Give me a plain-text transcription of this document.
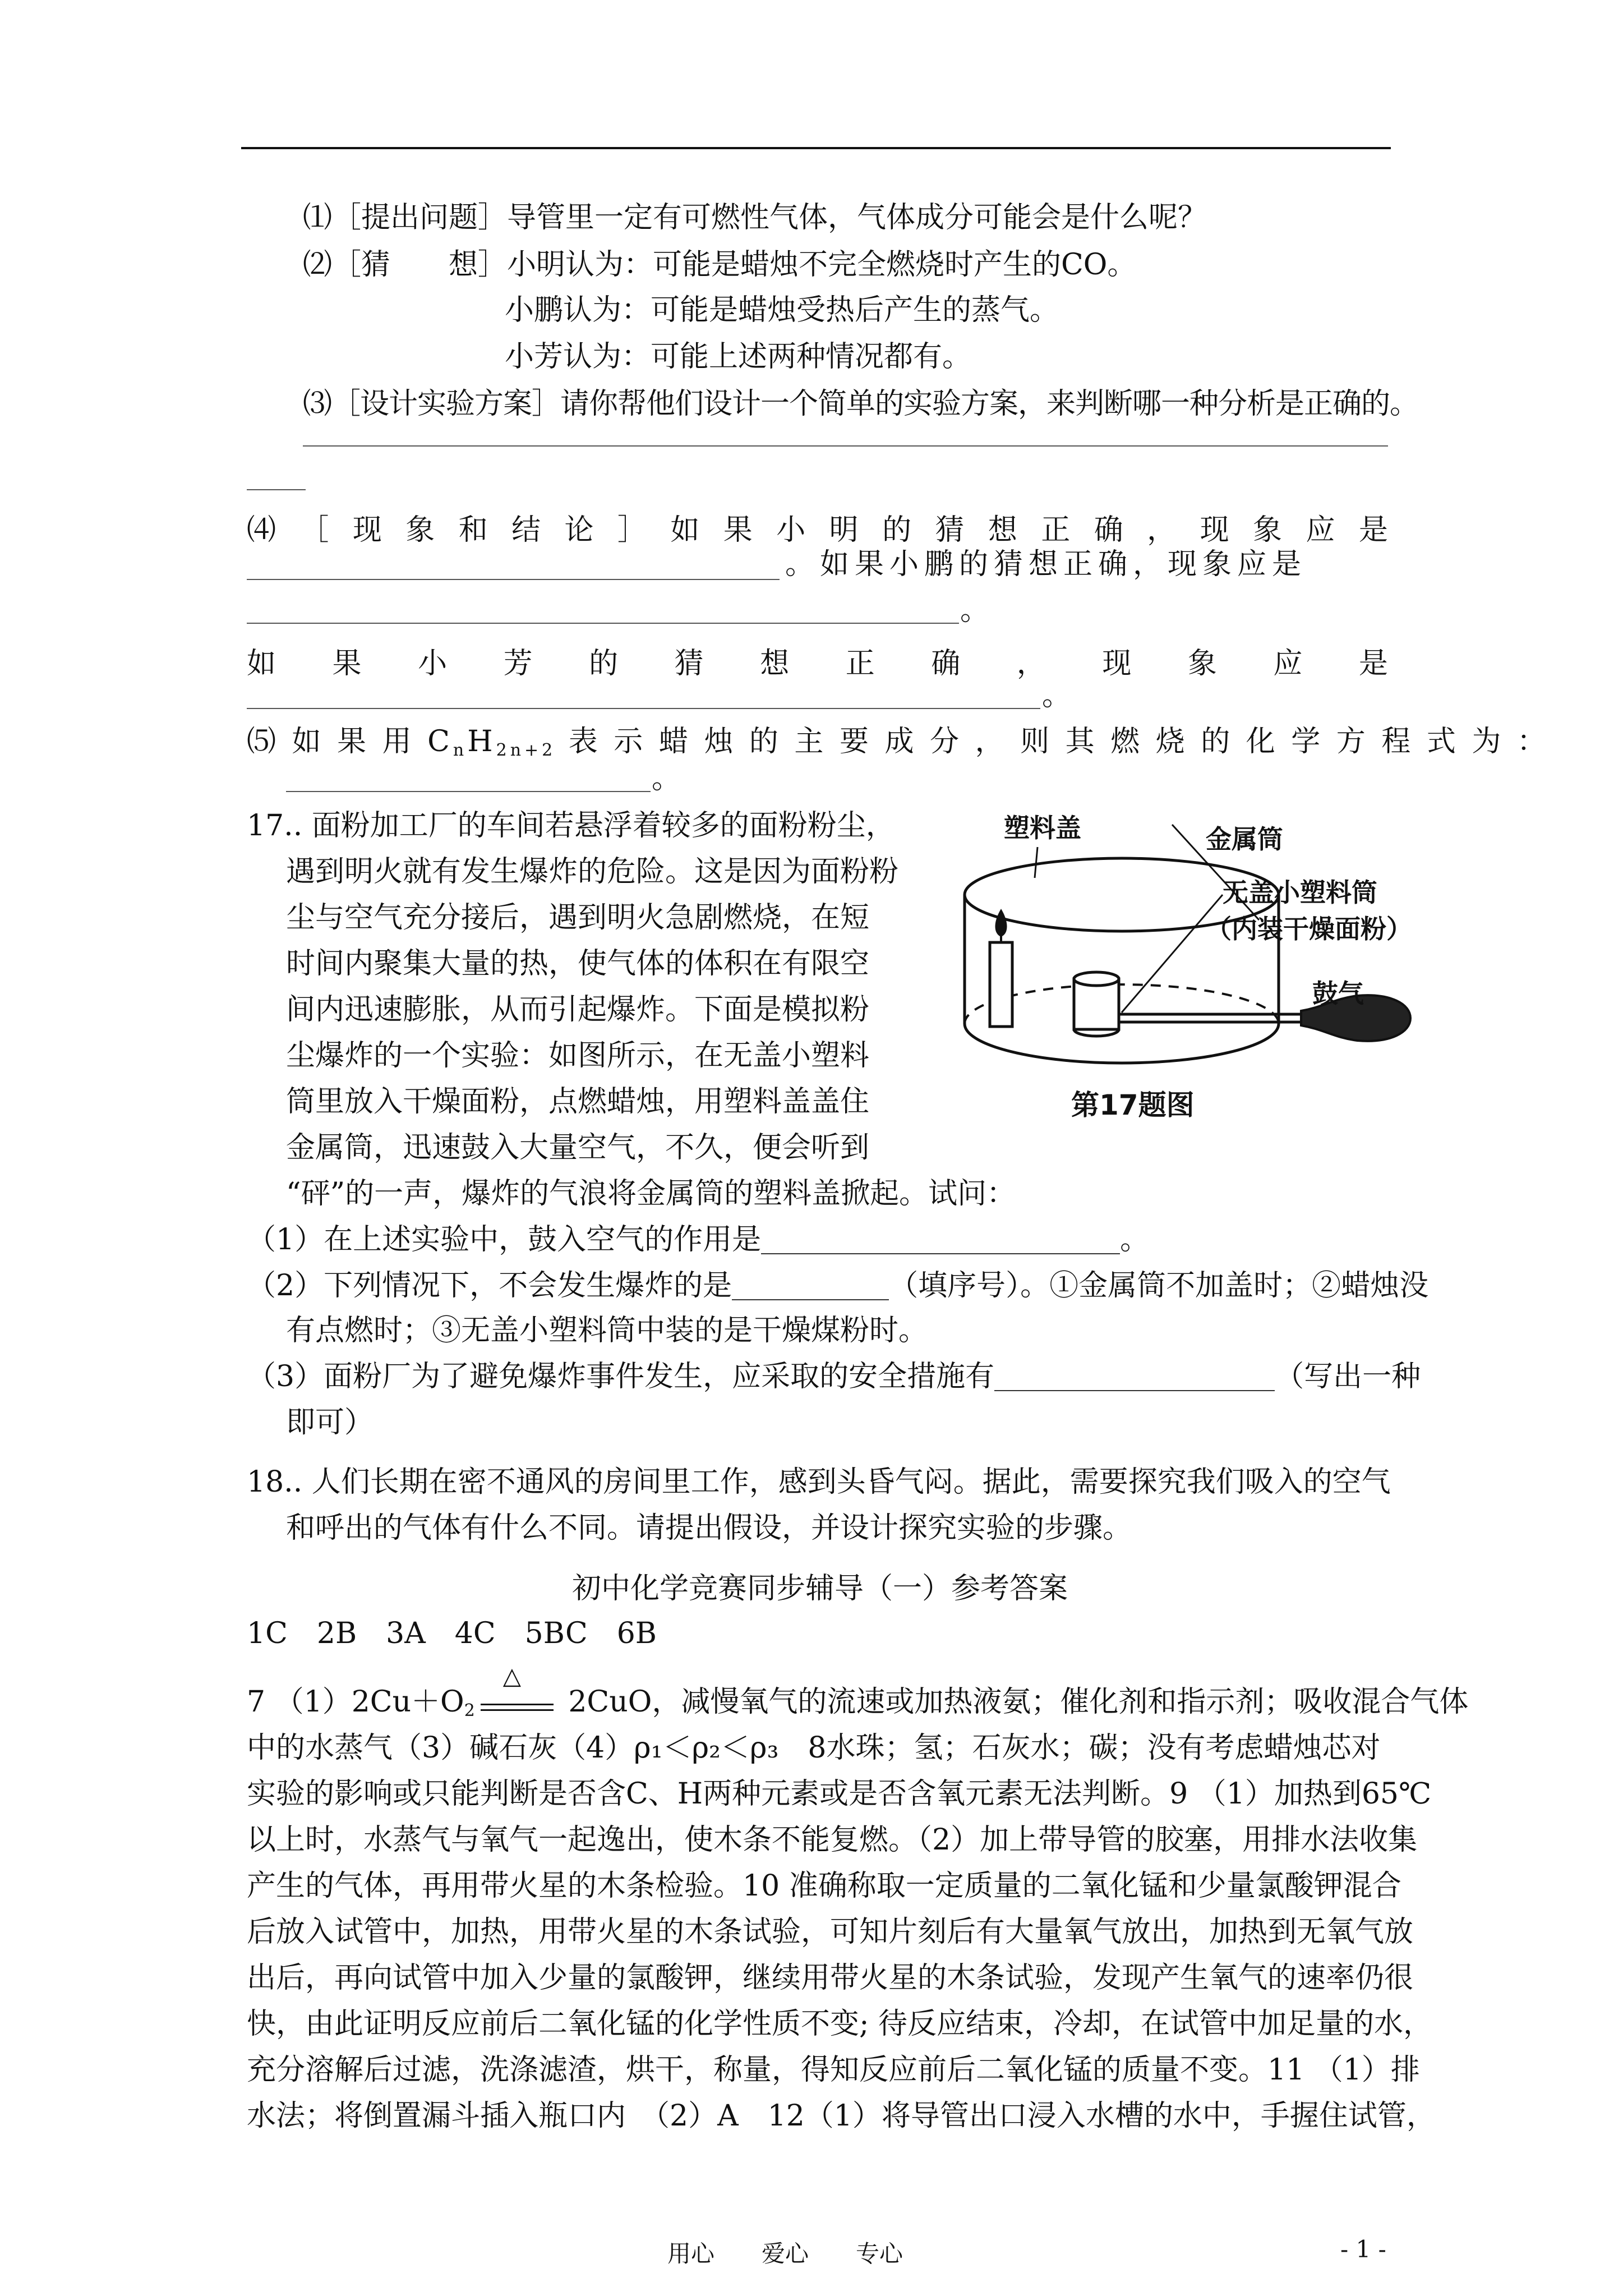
⑴［提出问题］导管里一定有可燃性气体，气体成分可能会是什么呢？
⑵［猜　　想］小明认为：可能是蜡烛不完全燃烧时产生的CO。
小鹏认为：可能是蜡烛受热后产生的蒸气。
小芳认为：可能上述两种情况都有。
⑶［设计实验方案］请你帮他们设计一个简单的实验方案，来判断哪一种分析是正确的。
⑷ ［ 现 象 和 结 论 ］ 如 果 小 明 的 猜 想 正 确 ， 现 象 应 是
。如果小鹏的猜想正确，现象应是
。
如 果 小 芳 的 猜 想 正 确 ， 现 象 应 是
。
⑸ 如 果 用 $C_nH_{2n+2}$ 表 示 蜡 烛 的 主 要 成 分 ， 则 其 燃 烧 的 化 学 方 程 式 为 ：
。
17.. 面粉加工厂的车间若悬浮着较多的面粉粉尘，
遇到明火就有发生爆炸的危险。这是因为面粉粉
尘与空气充分接后，遇到明火急剧燃烧，在短
时间内聚集大量的热，使气体的体积在有限空
间内迅速膨胀，从而引起爆炸。下面是模拟粉
尘爆炸的一个实验：如图所示，在无盖小塑料
筒里放入干燥面粉，点燃蜡烛，用塑料盖盖住
金属筒，迅速鼓入大量空气，不久，便会听到
“砰”的一声，爆炸的气浪将金属筒的塑料盖掀起。试问：
塑料盖	金属筒
无盖小塑料筒
（内装干燥面粉）
鼓气
第17题图
（1）在上述实验中，鼓入空气的作用是	。
（2）下列情况下，不会发生爆炸的是	（填序号）。①金属筒不加盖时；②蜡烛没
有点燃时；③无盖小塑料筒中装的是干燥煤粉时。
（3）面粉厂为了避免爆炸事件发生，应采取的安全措施有	（写出一种
即可）
18.. 人们长期在密不通风的房间里工作，感到头昏气闷。据此，需要探究我们吸入的空气
和呼出的气体有什么不同。请提出假设，并设计探究实验的步骤。
初中化学竞赛同步辅导（一）参考答案
1C　2B　3A　4C　5BC　6B
7 $(1)2Cu+O_2$
△
2CuO，减慢氧气的流速或加热液氨；催化剂和指示剂；吸收混合气体
中的水蒸气（3）碱石灰（4）ρ₁＜ρ₂＜ρ₃　8水珠；氢；石灰水；碳；没有考虑蜡烛芯对
实验的影响或只能判断是否含C、H两种元素或是否含氧元素无法判断。9 （1）加热到65℃
以上时，水蒸气与氧气一起逸出，使木条不能复燃。（2）加上带导管的胶塞，用排水法收集
产生的气体，再用带火星的木条检验。10 准确称取一定质量的二氧化锰和少量氯酸钾混合
后放入试管中，加热，用带火星的木条试验，可知片刻后有大量氧气放出，加热到无氧气放
出后，再向试管中加入少量的氯酸钾，继续用带火星的木条试验，发现产生氧气的速率仍很
快，由此证明反应前后二氧化锰的化学性质不变; 待反应结束，冷却，在试管中加足量的水，
充分溶解后过滤，洗涤滤渣，烘干，称量，得知反应前后二氧化锰的质量不变。11 （1）排
水法；将倒置漏斗插入瓶口内　（2）A　12（1）将导管出口浸入水槽的水中，手握住试管，
用心　　爱心　　专心	- 1 -
